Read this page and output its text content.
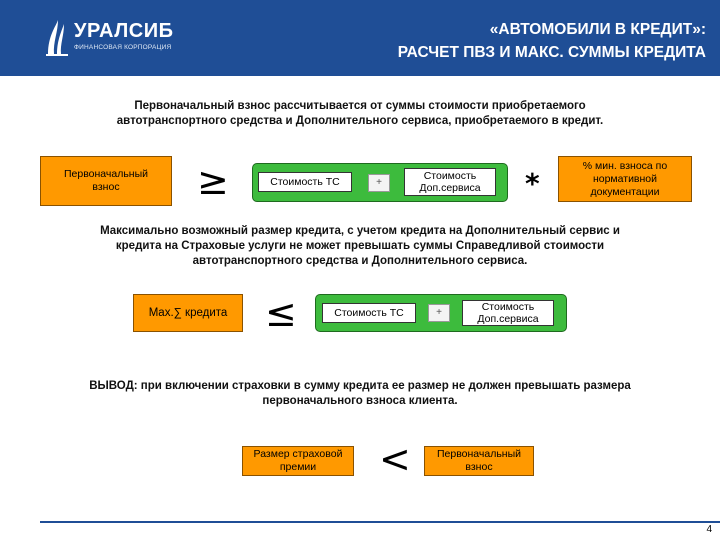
УРАЛСИБ
ФИНАНСОВАЯ КОРПОРАЦИЯ
«АВТОМОБИЛИ В КРЕДИТ»:
РАСЧЕТ ПВЗ И МАКС. СУММЫ КРЕДИТА
Первоначальный взнос рассчитывается от суммы стоимости приобретаемого
автотранспортного средства и Дополнительного сервиса, приобретаемого в кредит.
Первоначальный
взнос	≥	Стоимость ТС	+
Стоимость
Доп.сервиса *
% мин. взноса по
нормативной
документации
Максимально возможный размер кредита, с учетом кредита на Дополнительный сервис и
кредита на Страховые услуги не может превышать суммы Справедливой стоимости
автотранспортного средства и Дополнительного сервиса.
Max.∑ кредита ≤	Стоимость ТС	+	Стоимость
Доп.сервиса
ВЫВОД: при включении страховки в сумму кредита ее размер не должен превышать размера
первоначального взноса клиента.
Размер страховой
премии	< Первоначальный
взнос
4
